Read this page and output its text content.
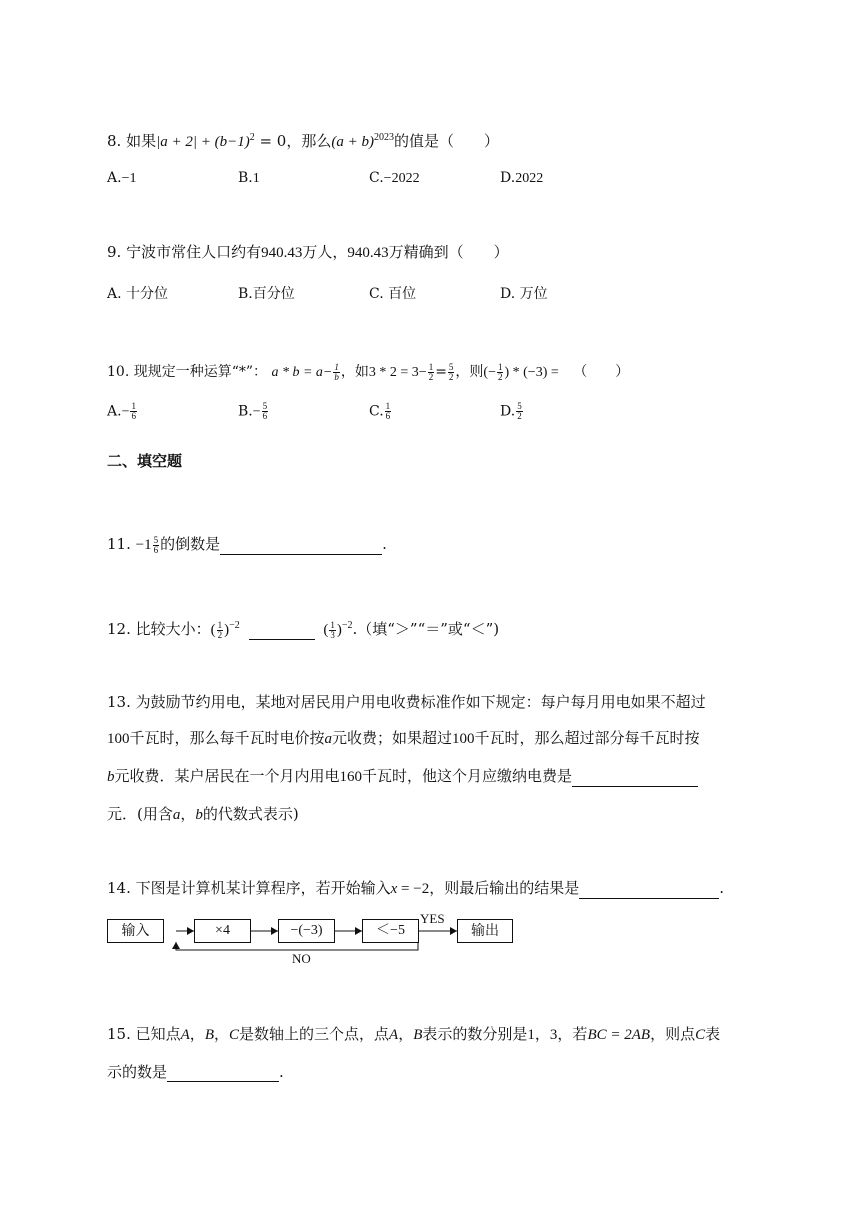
8. 如果$|a + 2| + (b-1)^2 = 0$，那么$(a + b)^{2023}$的值是（　　）
A.−1	B.1	C.−2022	D.2022
9. 宁波市常住人口约有940.43万人，940.43万精确到（　　）
A. 十分位	B.百分位	C. 百位	D. 万位
10. 现规定一种运算“*”： $a * b = a- \frac{1}{b}$ ，如$3 * 2 = 3- \frac{1}{2} = \frac{5}{2}$ ，则(− $\frac{1}{2}$ ) * (−3) = （　　）
$A.- \frac{1}{6}$	$B.- \frac{5}{6}$	C. $\frac{1}{6}$	D. $\frac{5}{2}$
二、填空题
11. $-1 \frac{5}{6}$ 的倒数是	.
12. 比较大小：( $\frac{1}{2} )^{-2}$	( $\frac{1}{3} )^{-2}$.（填“＞”“＝”或“＜”)
13. 为鼓励节约用电，某地对居民用户用电收费标准作如下规定：每户每月用电如果不超过
100千瓦时，那么每千瓦时电价按a元收费；如果超过100千瓦时，那么超过部分每千瓦时按
b元收费．某户居民在一个月内用电160千瓦时，他这个月应缴纳电费是
元．(用含a，b的代数式表示)
14. 下图是计算机某计算程序，若开始输入x = −2，则最后输出的结果是	.
输入	×4	−(−3)	＜−5	输出
YES
NO
15. 已知点A，B，C是数轴上的三个点，点A，B表示的数分别是1，3，若BC = 2AB，则点C表
示的数是	.
